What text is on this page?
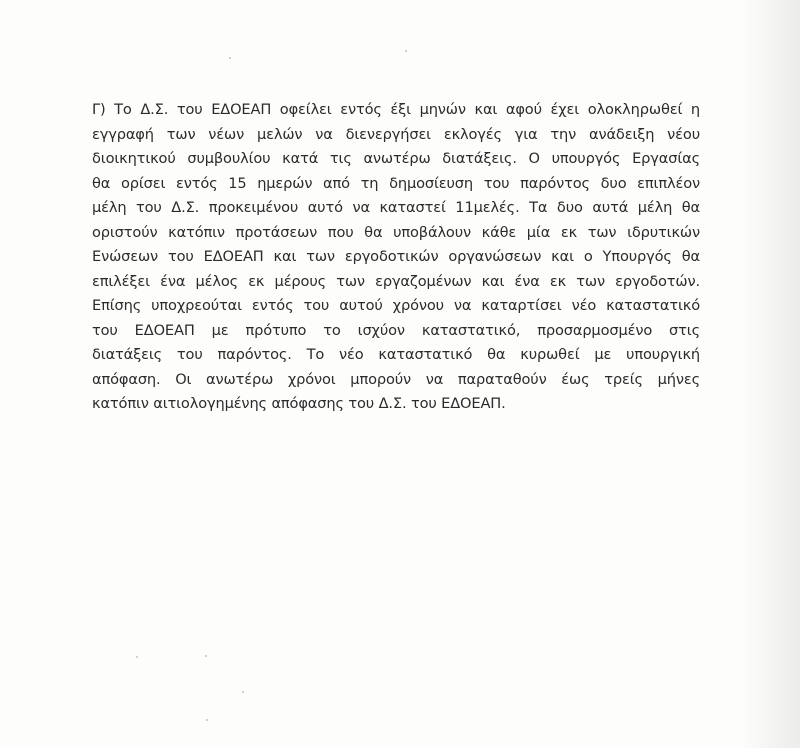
Γ) Το Δ.Σ. του ΕΔΟΕΑΠ οφείλει εντός έξι μηνών και αφού έχει ολοκληρωθεί η
εγγραφή των νέων μελών να διενεργήσει εκλογές για την ανάδειξη νέου
διοικητικού συμβουλίου κατά τις ανωτέρω διατάξεις. Ο υπουργός Εργασίας
θα ορίσει εντός 15 ημερών από τη δημοσίευση του παρόντος δυο επιπλέον
μέλη του Δ.Σ. προκειμένου αυτό να καταστεί 11μελές. Τα δυο αυτά μέλη θα
οριστούν κατόπιν προτάσεων που θα υποβάλουν κάθε μία εκ των ιδρυτικών
Ενώσεων του ΕΔΟΕΑΠ και των εργοδοτικών οργανώσεων και ο Υπουργός θα
επιλέξει ένα μέλος εκ μέρους των εργαζομένων και ένα εκ των εργοδοτών.
Επίσης υποχρεούται εντός του αυτού χρόνου να καταρτίσει νέο καταστατικό
του ΕΔΟΕΑΠ με πρότυπο το ισχύον καταστατικό, προσαρμοσμένο στις
διατάξεις του παρόντος. Το νέο καταστατικό θα κυρωθεί με υπουργική
απόφαση. Οι ανωτέρω χρόνοι μπορούν να παραταθούν έως τρείς μήνες
κατόπιν αιτιολογημένης απόφασης του Δ.Σ. του ΕΔΟΕΑΠ.
